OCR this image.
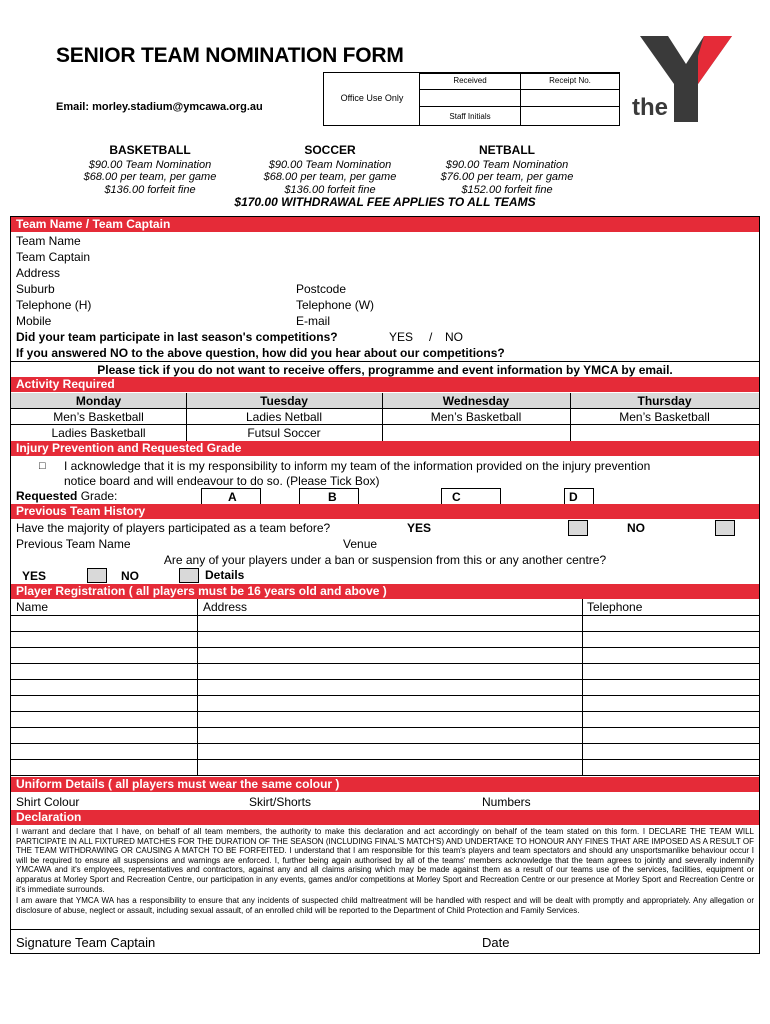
SENIOR TEAM NOMINATION FORM
Email: morley.stadium@ymcawa.org.au
Office Use Only
Received	Receipt No.
Staff Initials	the
BASKETBALL
$90.00 Team Nomination
$68.00 per team, per game
$136.00 forfeit fine
SOCCER
$90.00 Team Nomination
$68.00 per team, per game
$136.00 forfeit fine
NETBALL
$90.00 Team Nomination
$76.00 per team, per game
$152.00 forfeit fine
$170.00 WITHDRAWAL FEE APPLIES TO ALL TEAMS
Team Name / Team Captain
Team Name
Team Captain
Address
Suburb	Postcode
Telephone (H)	Telephone (W)
Mobile	E-mail
Did your team participate in last season's competitions?	YES / NO
If you answered NO to the above question, how did you hear about our competitions?
Please tick if you do not want to receive offers, programme and event information by YMCA by email.
Activity Required
Monday	Tuesday	Wednesday	Thursday
Men’s Basketball	Ladies Netball	Men’s Basketball	Men’s Basketball
Ladies Basketball	Futsul Soccer
Injury Prevention and Requested Grade
□ I acknowledge that it is my responsibility to inform my team of the information provided on the injury prevention
notice board and will endeavour to do so. (Please Tick Box)
Requested Grade:	A	B	C	D
Previous Team History
Have the majority of players participated as a team before?	YES	NO
Previous Team Name	Venue
Are any of your players under a ban or suspension from this or any another centre?
YES	NO	Details
Player Registration ( all players must be 16 years old and above )
Name	Address	Telephone
Uniform Details ( all players must wear the same colour )
Shirt Colour	Skirt/Shorts	Numbers
Declaration
I warrant and declare that I have, on behalf of all team members, the authority to make this declaration and act accordingly on behalf of the team stated on this form. I DECLARE THE TEAM WILL PARTICIPATE IN ALL FIXTURED MATCHES FOR THE DURATION OF THE SEASON (INCLUDING FINAL'S MATCH'S) AND UNDERTAKE TO HONOUR ANY FINES THAT ARE IMPOSED AS A RESULT OF THE TEAM WITHDRAWING OR CAUSING A MATCH TO BE FORFEITED. I understand that I am responsible for this team's players and team spectators and should any unsportsmanlike behaviour occur I will be required to ensure all suspensions and warnings are enforced. I, further being again authorised by all of the teams' members acknowledge that the team agrees to jointly and severally indemnify YMCAWA and it's employees, representatives and contractors, against any and all claims arising which may be made against them as a result of our teams use of the services, facilities, equipment or apparatus at Morley Sport and Recreation Centre, our participation in any events, games and/or competitions at Morley Sport and Recreation Centre or our presence at Morley Sport and Recreation Centre or it's immediate surrounds.
I am aware that YMCA WA has a responsibility to ensure that any incidents of suspected child maltreatment will be handled with respect and will be dealt with promptly and appropriately. Any allegation or disclosure of abuse, neglect or assault, including sexual assault, of an enrolled child will be reported to the Department of Child Protection and Family Services.
Signature Team Captain	Date
